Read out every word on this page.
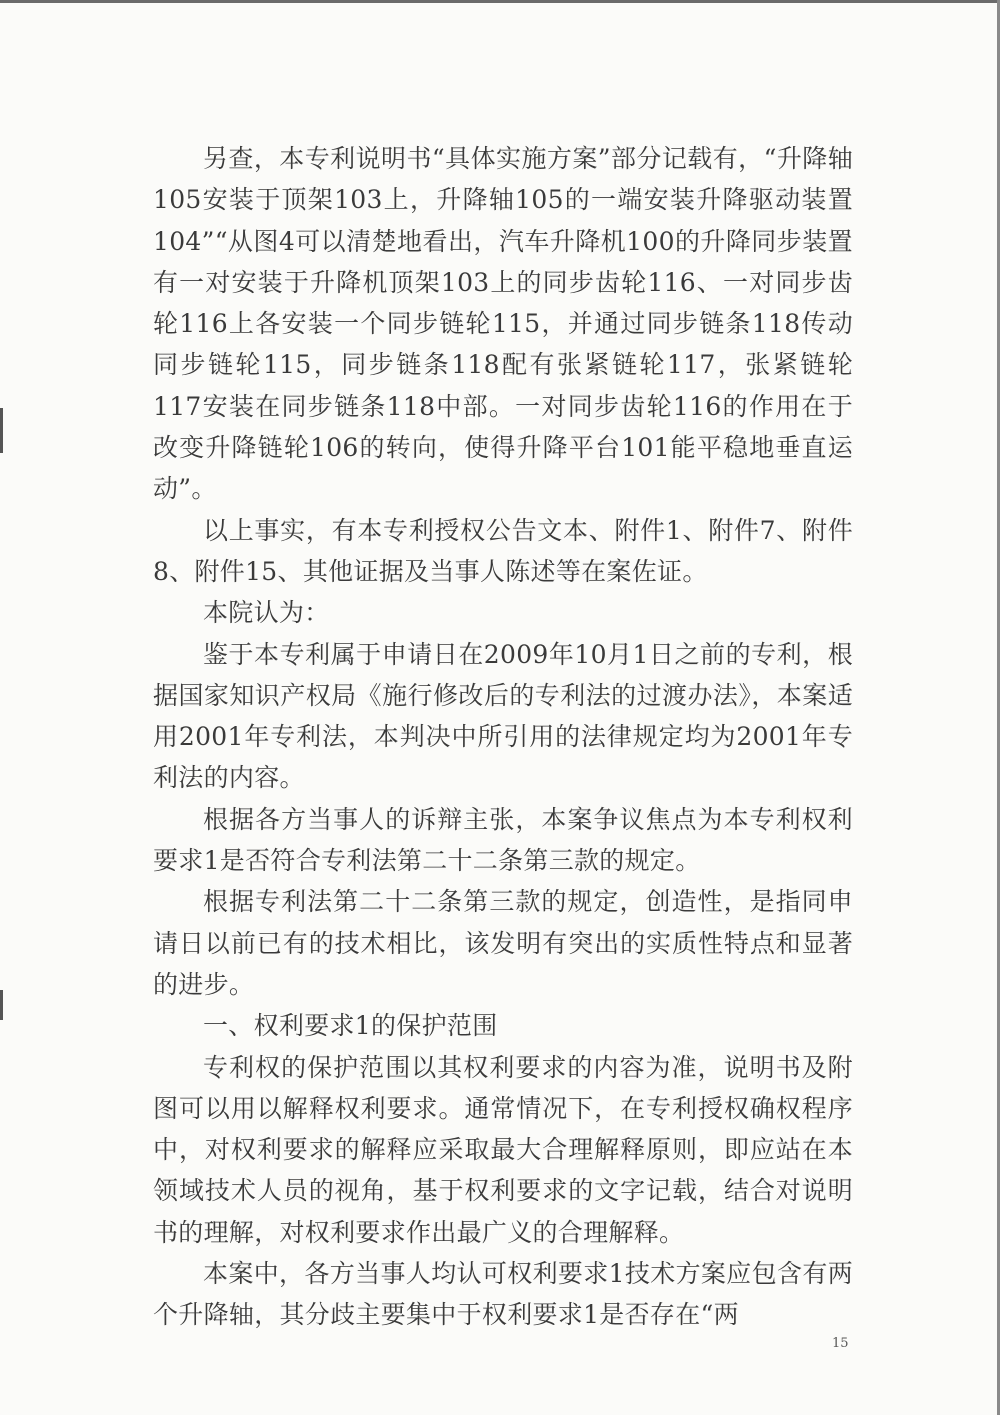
另查，本专利说明书“具体实施方案”部分记载有，“升降轴105安装于顶架103上，升降轴105的一端安装升降驱动装置104”“从图4可以清楚地看出，汽车升降机100的升降同步装置有一对安装于升降机顶架103上的同步齿轮116、一对同步齿轮116上各安装一个同步链轮115，并通过同步链条118传动同步链轮115，同步链条118配有张紧链轮117，张紧链轮117安装在同步链条118中部。一对同步齿轮116的作用在于改变升降链轮106的转向，使得升降平台101能平稳地垂直运动”。

以上事实，有本专利授权公告文本、附件1、附件7、附件8、附件15、其他证据及当事人陈述等在案佐证。

本院认为：

鉴于本专利属于申请日在2009年10月1日之前的专利，根据国家知识产权局《施行修改后的专利法的过渡办法》，本案适用2001年专利法，本判决中所引用的法律规定均为2001年专利法的内容。

根据各方当事人的诉辩主张，本案争议焦点为本专利权利要求1是否符合专利法第二十二条第三款的规定。

根据专利法第二十二条第三款的规定，创造性，是指同申请日以前已有的技术相比，该发明有突出的实质性特点和显著的进步。

一、权利要求1的保护范围

专利权的保护范围以其权利要求的内容为准，说明书及附图可以用以解释权利要求。通常情况下，在专利授权确权程序中，对权利要求的解释应采取最大合理解释原则，即应站在本领域技术人员的视角，基于权利要求的文字记载，结合对说明书的理解，对权利要求作出最广义的合理解释。

本案中，各方当事人均认可权利要求1技术方案应包含有两个升降轴，其分歧主要集中于权利要求1是否存在“两

15
